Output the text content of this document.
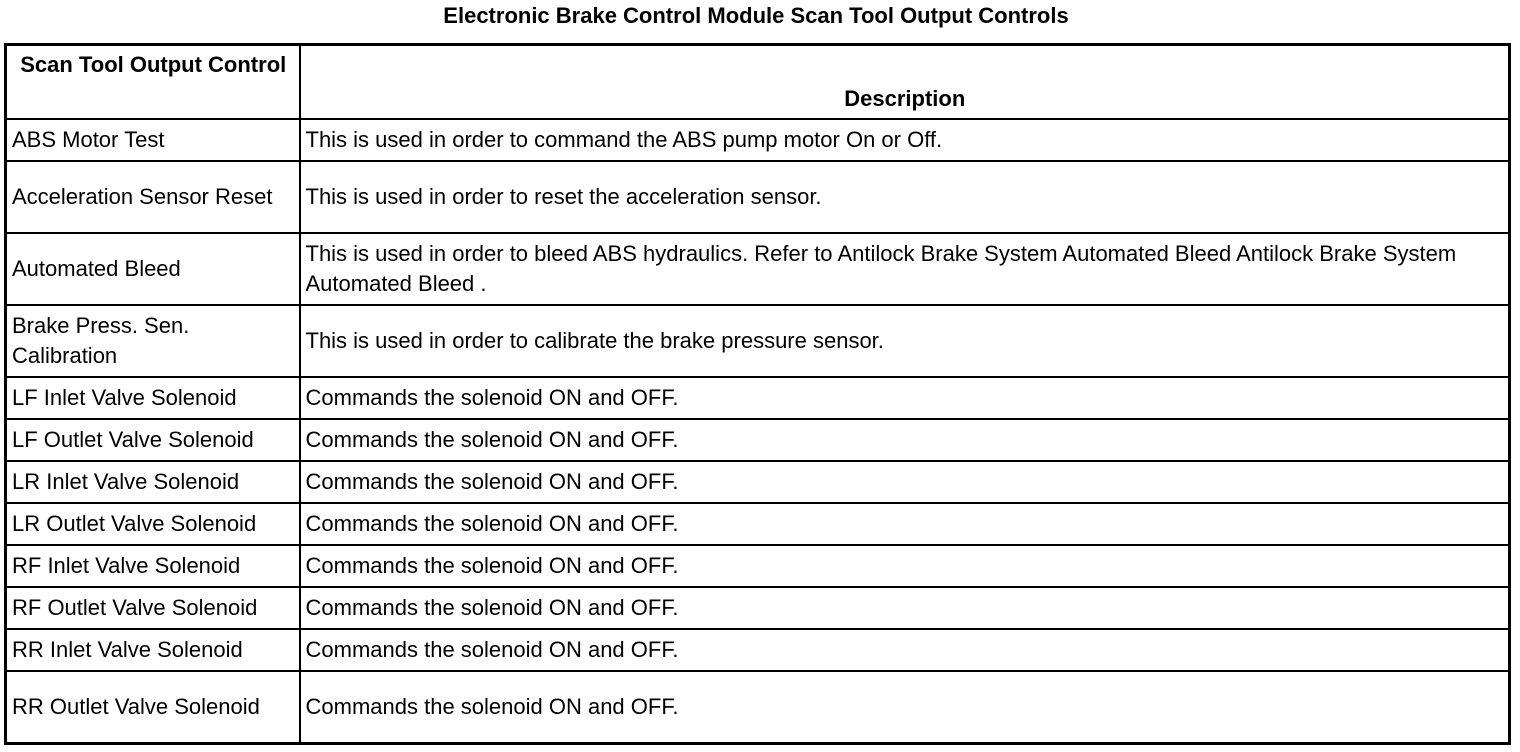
Electronic Brake Control Module Scan Tool Output Controls
Scan Tool Output Control	Description
ABS Motor Test	This is used in order to command the ABS pump motor On or Off.
Acceleration Sensor Reset	This is used in order to reset the acceleration sensor.
Automated Bleed	This is used in order to bleed ABS hydraulics. Refer to Antilock Brake System Automated Bleed Antilock Brake System Automated Bleed .
Brake Press. Sen. Calibration	This is used in order to calibrate the brake pressure sensor.
LF Inlet Valve Solenoid	Commands the solenoid ON and OFF.
LF Outlet Valve Solenoid	Commands the solenoid ON and OFF.
LR Inlet Valve Solenoid	Commands the solenoid ON and OFF.
LR Outlet Valve Solenoid	Commands the solenoid ON and OFF.
RF Inlet Valve Solenoid	Commands the solenoid ON and OFF.
RF Outlet Valve Solenoid	Commands the solenoid ON and OFF.
RR Inlet Valve Solenoid	Commands the solenoid ON and OFF.
RR Outlet Valve Solenoid	Commands the solenoid ON and OFF.
